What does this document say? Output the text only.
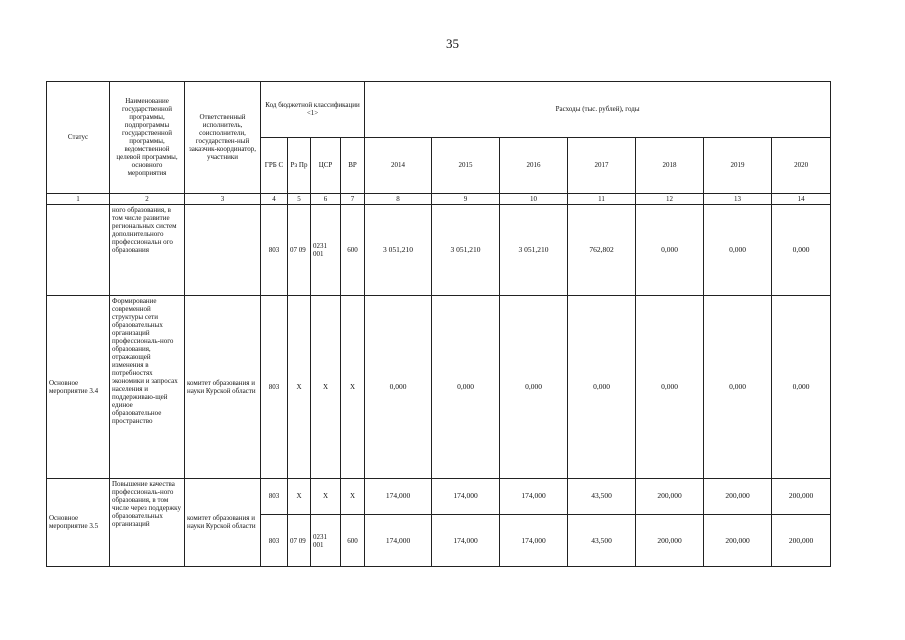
35
Статус	Наименование государственной программы, подпрограммы государственной программы, ведомственной целевой программы, основного мероприятия	Ответственный исполнитель, соисполнители, государствен-ный заказчик-координатор, участники	Код бюджетной классификации <1>				Расходы (тыс. рублей), годы						
			ГРБ С	Рз Пр	ЦСР	ВР	2014	2015	2016	2017	2018	2019	2020
1	2	3	4	5	6	7	8	9	10	11	12	13	14
	ного образования, в том числе развитие региональных систем дополнительного профессиональн ого образования		803	07 09	0231 001	600	3 051,210	3 051,210	3 051,210	762,802	0,000	0,000	0,000
Основное мероприятие 3.4	Формирование современной структуры сети образовательных организаций профессиональ-ного образования, отражающей изменения в потребностях экономики и запросах населения и поддерживаю-щей единое образовательное пространство	комитет образования и науки Курской области	803	Х	Х	Х	0,000	0,000	0,000	0,000	0,000	0,000	0,000
Основное мероприятие 3.5	Повышение качества профессиональ-ного образования, в том числе через поддержку образовательных организаций	комитет образования и науки Курской области	803	Х	Х	Х	174,000	174,000	174,000	43,500	200,000	200,000	200,000
			803	07 09	0231 001	600	174,000	174,000	174,000	43,500	200,000	200,000	200,000
